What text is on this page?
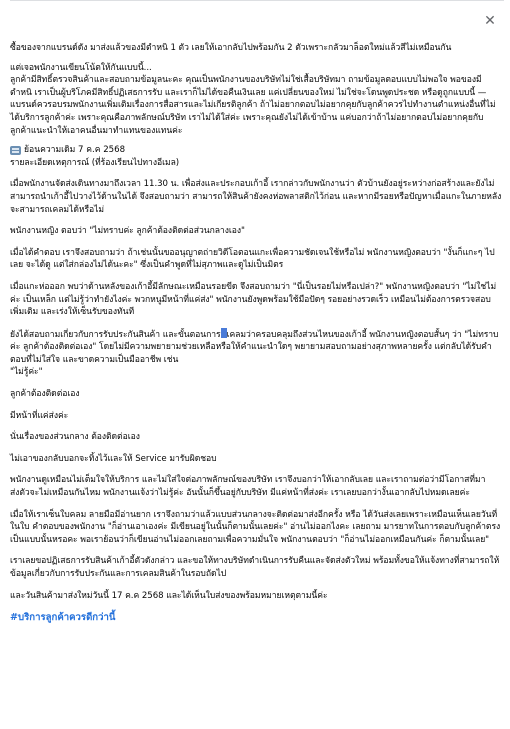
✕

ซื้อของจากแบรนด์ดัง มาส่งแล้วของมีตำหนิ 1 ตัว เลยให้เอากลับไปพร้อมกัน 2 ตัวเพราะกลัวมาล็อตใหม่แล้วสีไม่เหมือนกัน

แต่เจอพนักงานเขียนโน้ตให้กันแบบนี้...
ลูกค้ามีสิทธิ์ตรวจสินค้าและสอบถามข้อมูลนะคะ คุณเป็นพนักงานของบริษัทไม่ใช่เสื้อบริษัทมา ถามข้อมูลตอบแบบไม่พอใจ พอของมีตำหนิ เราเป็นผู้บริโภคมีสิทธิ์ปฏิเสธการรับ และเราก็ไม่ได้ขอคืนเงินเลย แค่เปลี่ยนของใหม่ ไม่ใช่จะโดนพูดประชด หรือดูถูกแบบนี้ — แบรนด์ควรอบรมพนักงานเพิ่มเติมเรื่องการสื่อสารและไม่เกียรติลูกค้า ถ้าไม่อยากตอบไม่อยากคุยกับลูกค้าควรไปทำงานตำแหน่งอื่นที่ไม่ได้บริการลูกค้าค่ะ เพราะคุณคือภาพลักษณ์บริษัท เราไม่ได้ใส่ค่ะ เพราะคุณยังไม่ได้เข้าบ้าน แค่บอกว่าถ้าไม่อยากตอบไม่อยากคุยกับลูกค้าแนะนำให้เอาคนอื่นมาทำแทนของแทนค่ะ

ย้อนความเดิม 7 ค.ค 2568

รายละเอียดเหตุการณ์ (ที่ร้องเรียนไปทางอีเมล)

เมื่อพนักงานจัดส่งเดินทางมาถึงเวลา 11.30 น. เพื่อส่งและประกอบเก้าอี้ เรากล่าวกับพนักงานว่า ตัวบ้านยังอยู่ระหว่างก่อสร้างและยังไม่สามารถนำเก้าอี้ไปวางไว้ด้านในได้ จึงสอบถามว่า สามารถให้สินค้ายังคงห่อพลาสติกไว้ก่อน และหากมีรอยหรือปัญหาเมื่อแกะในภายหลัง จะสามารถเคลมได้หรือไม่

พนักงานหญิง ตอบว่า "ไม่ทราบค่ะ ลูกค้าต้องติดต่อส่วนกลางเอง"

เมื่อได้คำตอบ เราจึงสอบถามว่า ถ้าเช่นนั้นขออนุญาตถ่ายวิดีโอตอนแกะเพื่อความชัดเจนใช้หรือไม่ พนักงานหญิงตอบว่า "งั้นก็แกะๆ ไปเลย จะได้ดู แต่ใส่กล่องไม่ได้นะคะ" ซึ่งเป็นคำพูดที่ไม่สุภาพและดูไม่เป็นมิตร

เมื่อแกะห่อออก พบว่าด้านหลังของเก้าอี้มีลักษณะเหมือนรอยขีด จึงสอบถามว่า "นี่เป็นรอยไม่หรือเปล่า?" พนักงานหญิงตอบว่า "ไม่ใช่ไม่ค่ะ เป็นเหล็ก แต่ไม่รู้ว่าทำยังไงค่ะ พวกหนูมีหน้าที่แค่ส่ง" พนักงานยังพูดพร้อมใช้มือปัดๆ รอยอย่างรวดเร็ว เหมือนไม่ต้องการตรวจสอบเพิ่มเติม และเร่งให้เซ็นรับของทันที

ยังได้สอบถามเกี่ยวกับการรับประกันสินค้า และขั้นตอนการ เคลมว่าครอบคลุมถึงส่วนไหนของเก้าอี้ พนักงานหญิงตอบสั้นๆ ว่า "ไม่ทราบค่ะ ลูกค้าต้องติดต่อเอง" โดยไม่มีความพยายามช่วยเหลือหรือให้คำแนะนำใดๆ พยายามสอบถามอย่างสุภาพหลายครั้ง แต่กลับได้รับคำตอบที่ไม่ใส่ใจ และขาดความเป็นมืออาชีพ เช่น

"ไม่รู้ค่ะ"

ลูกค้าต้องติดต่อเอง

มีหน้าที่แค่ส่งค่ะ

นั่นเรื่องของส่วนกลาง ต้องติดต่อเอง

ไม่เอาของกลับบอกจะทิ้งไว้และให้ Service มารับผิดชอบ

พนักงานดูเหมือนไม่เต็มใจให้บริการ และไม่ใส่ใจต่อภาพลักษณ์ของบริษัท เราจึงบอกว่าให้เอากลับเลย และเราถามต่อว่ามีโอกาสที่มาส่งตัวจะไม่เหมือนกันไหม พนักงานแจ้งว่าไม่รู้ค่ะ อันนั้นก็ขึ้นอยู่กับบริษัท มีแค่หน้าที่ส่งค่ะ เราเลยบอกว่างั้นเอากลับไปหมดเลยค่ะ

เมื่อให้เราเซ็นใบคลม ลายมือมีอ่านยาก เราจึงถามว่าแล้วแบบส่วนกลางจะติดต่อมาส่งอีกครั้ง หรือ ได้วันส่งเลยเพราะเหมือนเห็นเลยวันที่ในใบ คำตอบของพนักงาน "ก็อ่านเอาเองค่ะ มีเขียนอยู่ในนั้นก็ตามนั้นเลยค่ะ" อ่านไม่ออกไงคะ เลยถาม มารยาทในการตอบกับลูกค้าตรงเป็นแบบนั้นหรอคะ พอเราย้อนว่าก็เขียนอ่านไม่ออกเลยถามเพื่อความมั่นใจ พนักงานตอบว่า "ก็อ่านไม่ออกเหมือนกันค่ะ ก็ตามนั้นเลย"

เราเลยขอปฏิเสธการรับสินค้าเก้าอี้ตัวดังกล่าว และขอให้ทางบริษัทดำเนินการรับคืนและจัดส่งตัวใหม่ พร้อมทั้งขอให้แจ้งทางที่สามารถให้ข้อมูลเกี่ยวกับการรับประกันและการเคลมสินค้าในรอบถัดไป

และวันสินค้ามาส่งใหม่วันนี้ 17 ค.ค 2568 และได้เห็นใบส่งของพร้อมหมายเหตุตามนี้ค่ะ

#บริการลูกค้าควรดีกว่านี้
